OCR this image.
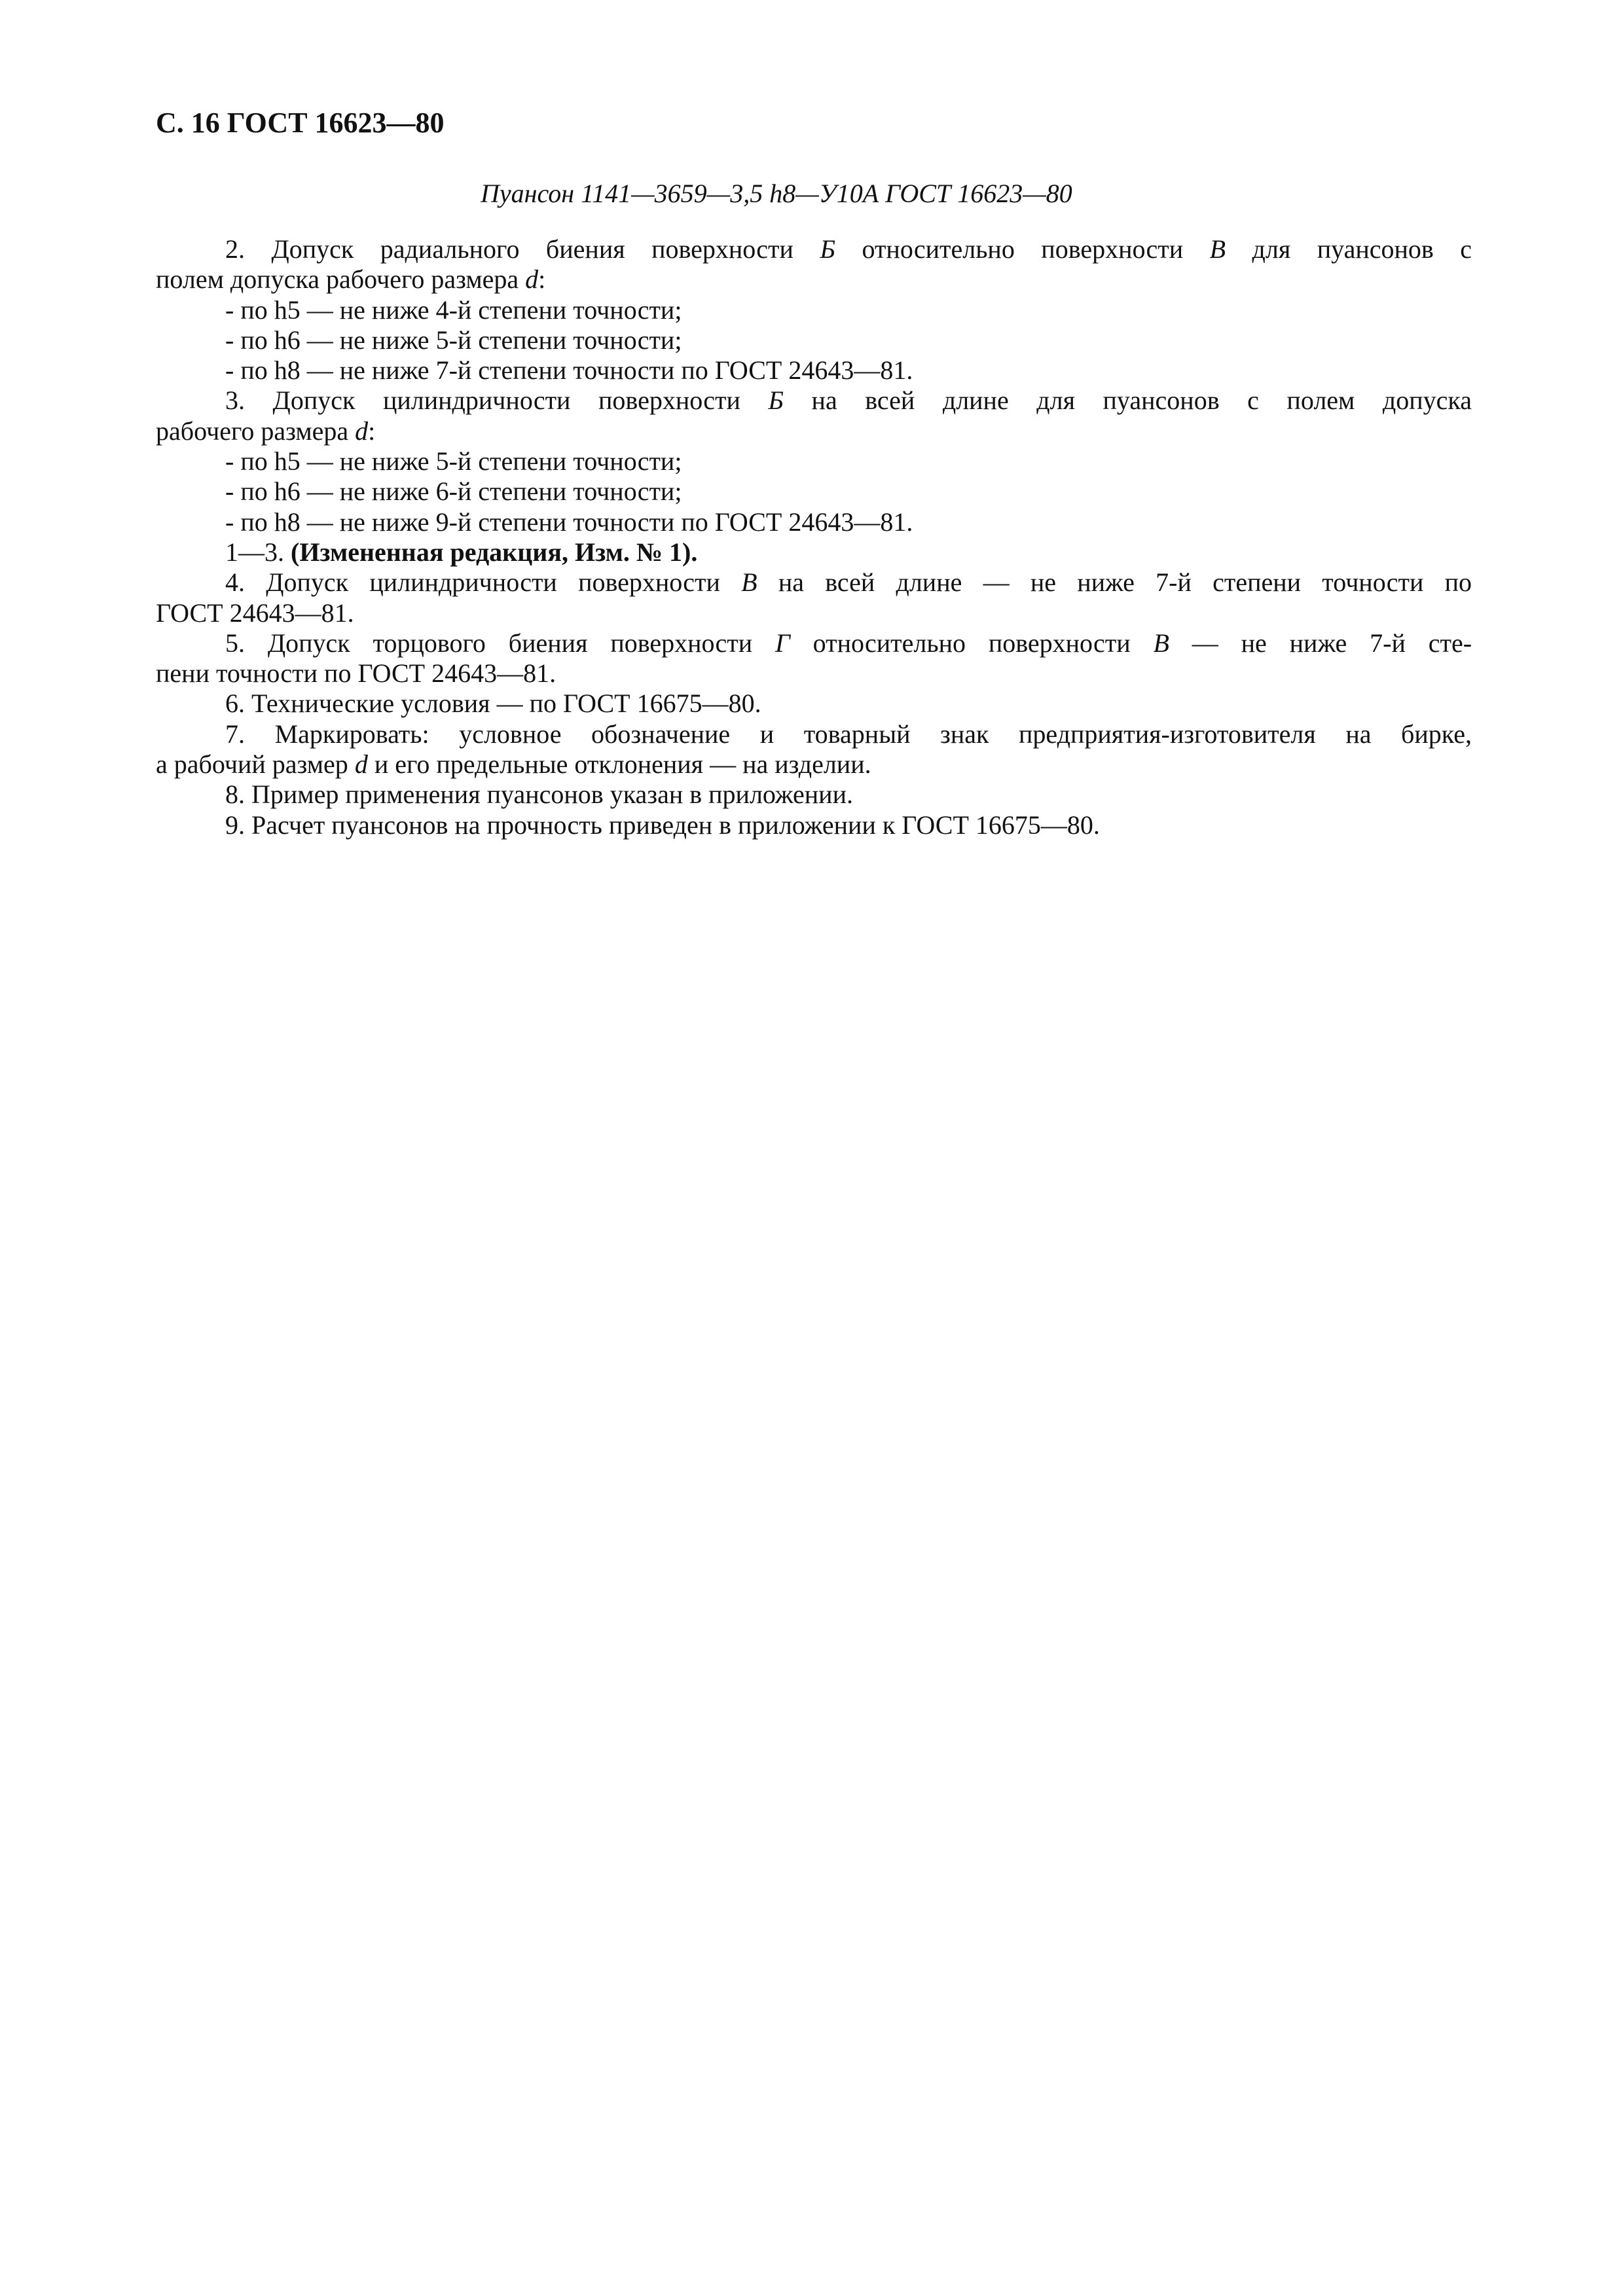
С. 16 ГОСТ 16623—80
Пуансон 1141—3659—3,5 h8—У10А ГОСТ 16623—80
2. Допуск радиального биения поверхности Б относительно поверхности В для пуансонов с
полем допуска рабочего размера d:
- по h5 — не ниже 4-й степени точности;
- по h6 — не ниже 5-й степени точности;
- по h8 — не ниже 7-й степени точности по ГОСТ 24643—81.
3. Допуск цилиндричности поверхности Б на всей длине для пуансонов с полем допуска
рабочего размера d:
- по h5 — не ниже 5-й степени точности;
- по h6 — не ниже 6-й степени точности;
- по h8 — не ниже 9-й степени точности по ГОСТ 24643—81.
1—3. (Измененная редакция, Изм. № 1).
4. Допуск цилиндричности поверхности В на всей длине — не ниже 7-й степени точности по
ГОСТ 24643—81.
5. Допуск торцового биения поверхности Г относительно поверхности В — не ниже 7-й сте-
пени точности по ГОСТ 24643—81.
6. Технические условия — по ГОСТ 16675—80.
7. Маркировать: условное обозначение и товарный знак предприятия-изготовителя на бирке,
а рабочий размер d и его предельные отклонения — на изделии.
8. Пример применения пуансонов указан в приложении.
9. Расчет пуансонов на прочность приведен в приложении к ГОСТ 16675—80.
